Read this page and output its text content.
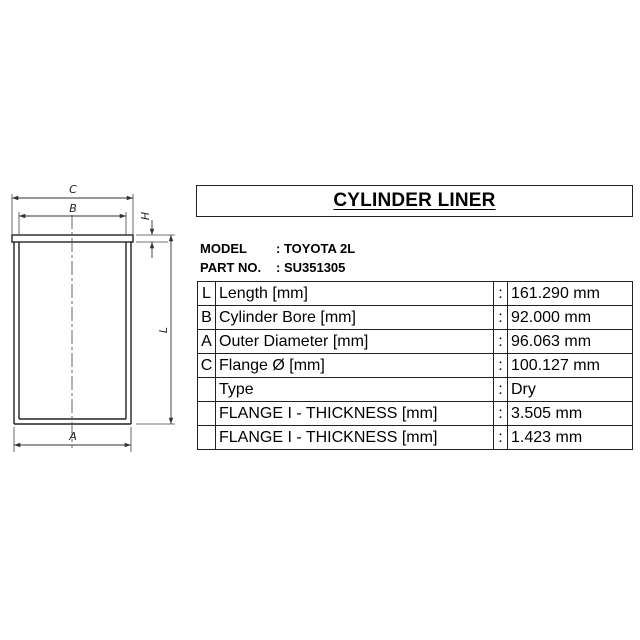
C
B
H
L
A
CYLINDER LINER
MODEL : TOYOTA 2L
PART NO. : SU351305
L	Length [mm]	:	161.290 mm
B	Cylinder Bore [mm]	:	92.000 mm
A	Outer Diameter [mm]	:	96.063 mm
C	Flange Ø [mm]	:	100.127 mm
	Type	:	Dry
	FLANGE I - THICKNESS [mm]	:	3.505 mm
	FLANGE I - THICKNESS [mm]	:	1.423 mm
